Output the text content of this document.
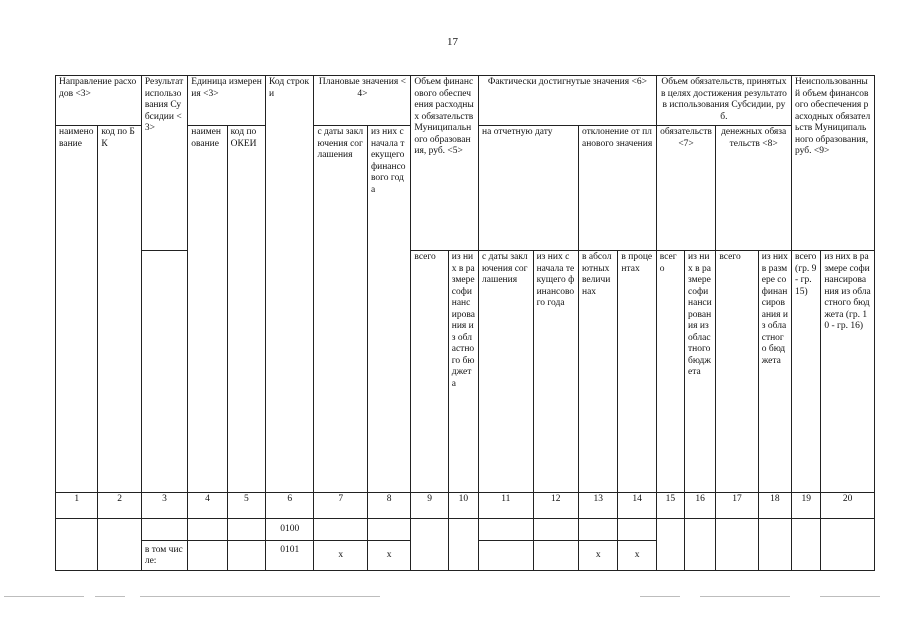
17
Направление расходов <3>		Результат использования Субсидии <3>	Единица измерения <3>		Код строки	Плановые значения <4>		Объем финансового обеспечения расходных обязательств Муниципального образования, руб. <5>		Фактически достигнутые значения <6>				Объем обязательств, принятых в целях достижения результатов использования Субсидии, руб.				Неиспользованный объем финансового обеспечения расходных обязательств Муниципального образования, руб. <9>	
наименование	код по БК		наименование	код по ОКЕИ		с даты заключения соглашения	из них с начала текущего финансового года			на отчетную дату		отклонение от планового значения		обязательств <7>		денежных обязательств <8>			
								всего	из них в размере софинансирования из областного бюджета	с даты заключения соглашения	из них с начала текущего финансового года	в абсолютных величинах	в процентах	всего	из них в размере софинансирования из областного бюджета	всего	из них в размере софинансирования из областного бюджета	всего (гр. 9 - гр. 15)	из них в размере софинансирования из областного бюджета (гр. 10 - гр. 16)
1	2	3	4	5	6	7	8	9	10	11	12	13	14	15	16	17	18	19	20
					0100														
		в том числе:			0101	x	x					x	x						
